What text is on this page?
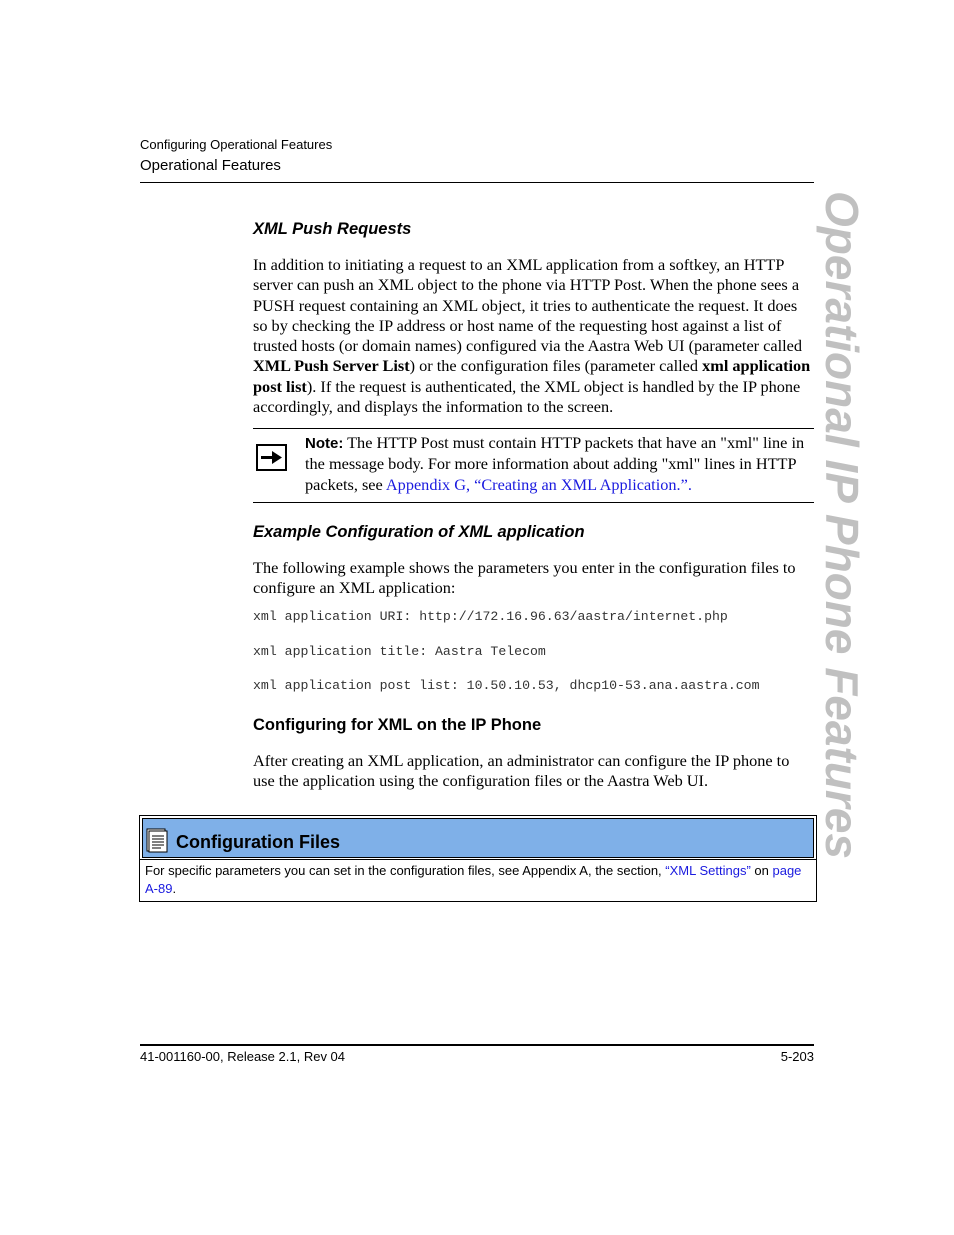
Configuring Operational Features
Operational Features
Operational IP Phone Features
XML Push Requests
In addition to initiating a request to an XML application from a softkey, an HTTP server can push an XML object to the phone via HTTP Post. When the phone sees a PUSH request containing an XML object, it tries to authenticate the request. It does so by checking the IP address or host name of the requesting host against a list of trusted hosts (or domain names) configured via the Aastra Web UI (parameter called XML Push Server List) or the configuration files (parameter called xml application post list). If the request is authenticated, the XML object is handled by the IP phone accordingly, and displays the information to the screen.
Note: The HTTP Post must contain HTTP packets that have an "xml" line in the message body. For more information about adding "xml" lines in HTTP packets, see Appendix G, “Creating an XML Application.”.
Example Configuration of XML application
The following example shows the parameters you enter in the configuration files to configure an XML application:
xml application URI: http://172.16.96.63/aastra/internet.php
xml application title: Aastra Telecom
xml application post list: 10.50.10.53, dhcp10-53.ana.aastra.com
Configuring for XML on the IP Phone
After creating an XML application, an administrator can configure the IP phone to use the application using the configuration files or the Aastra Web UI.
Configuration Files
For specific parameters you can set in the configuration files, see Appendix A, the section, “XML Settings” on page A-89.
41-001160-00, Release 2.1, Rev 04	5-203
